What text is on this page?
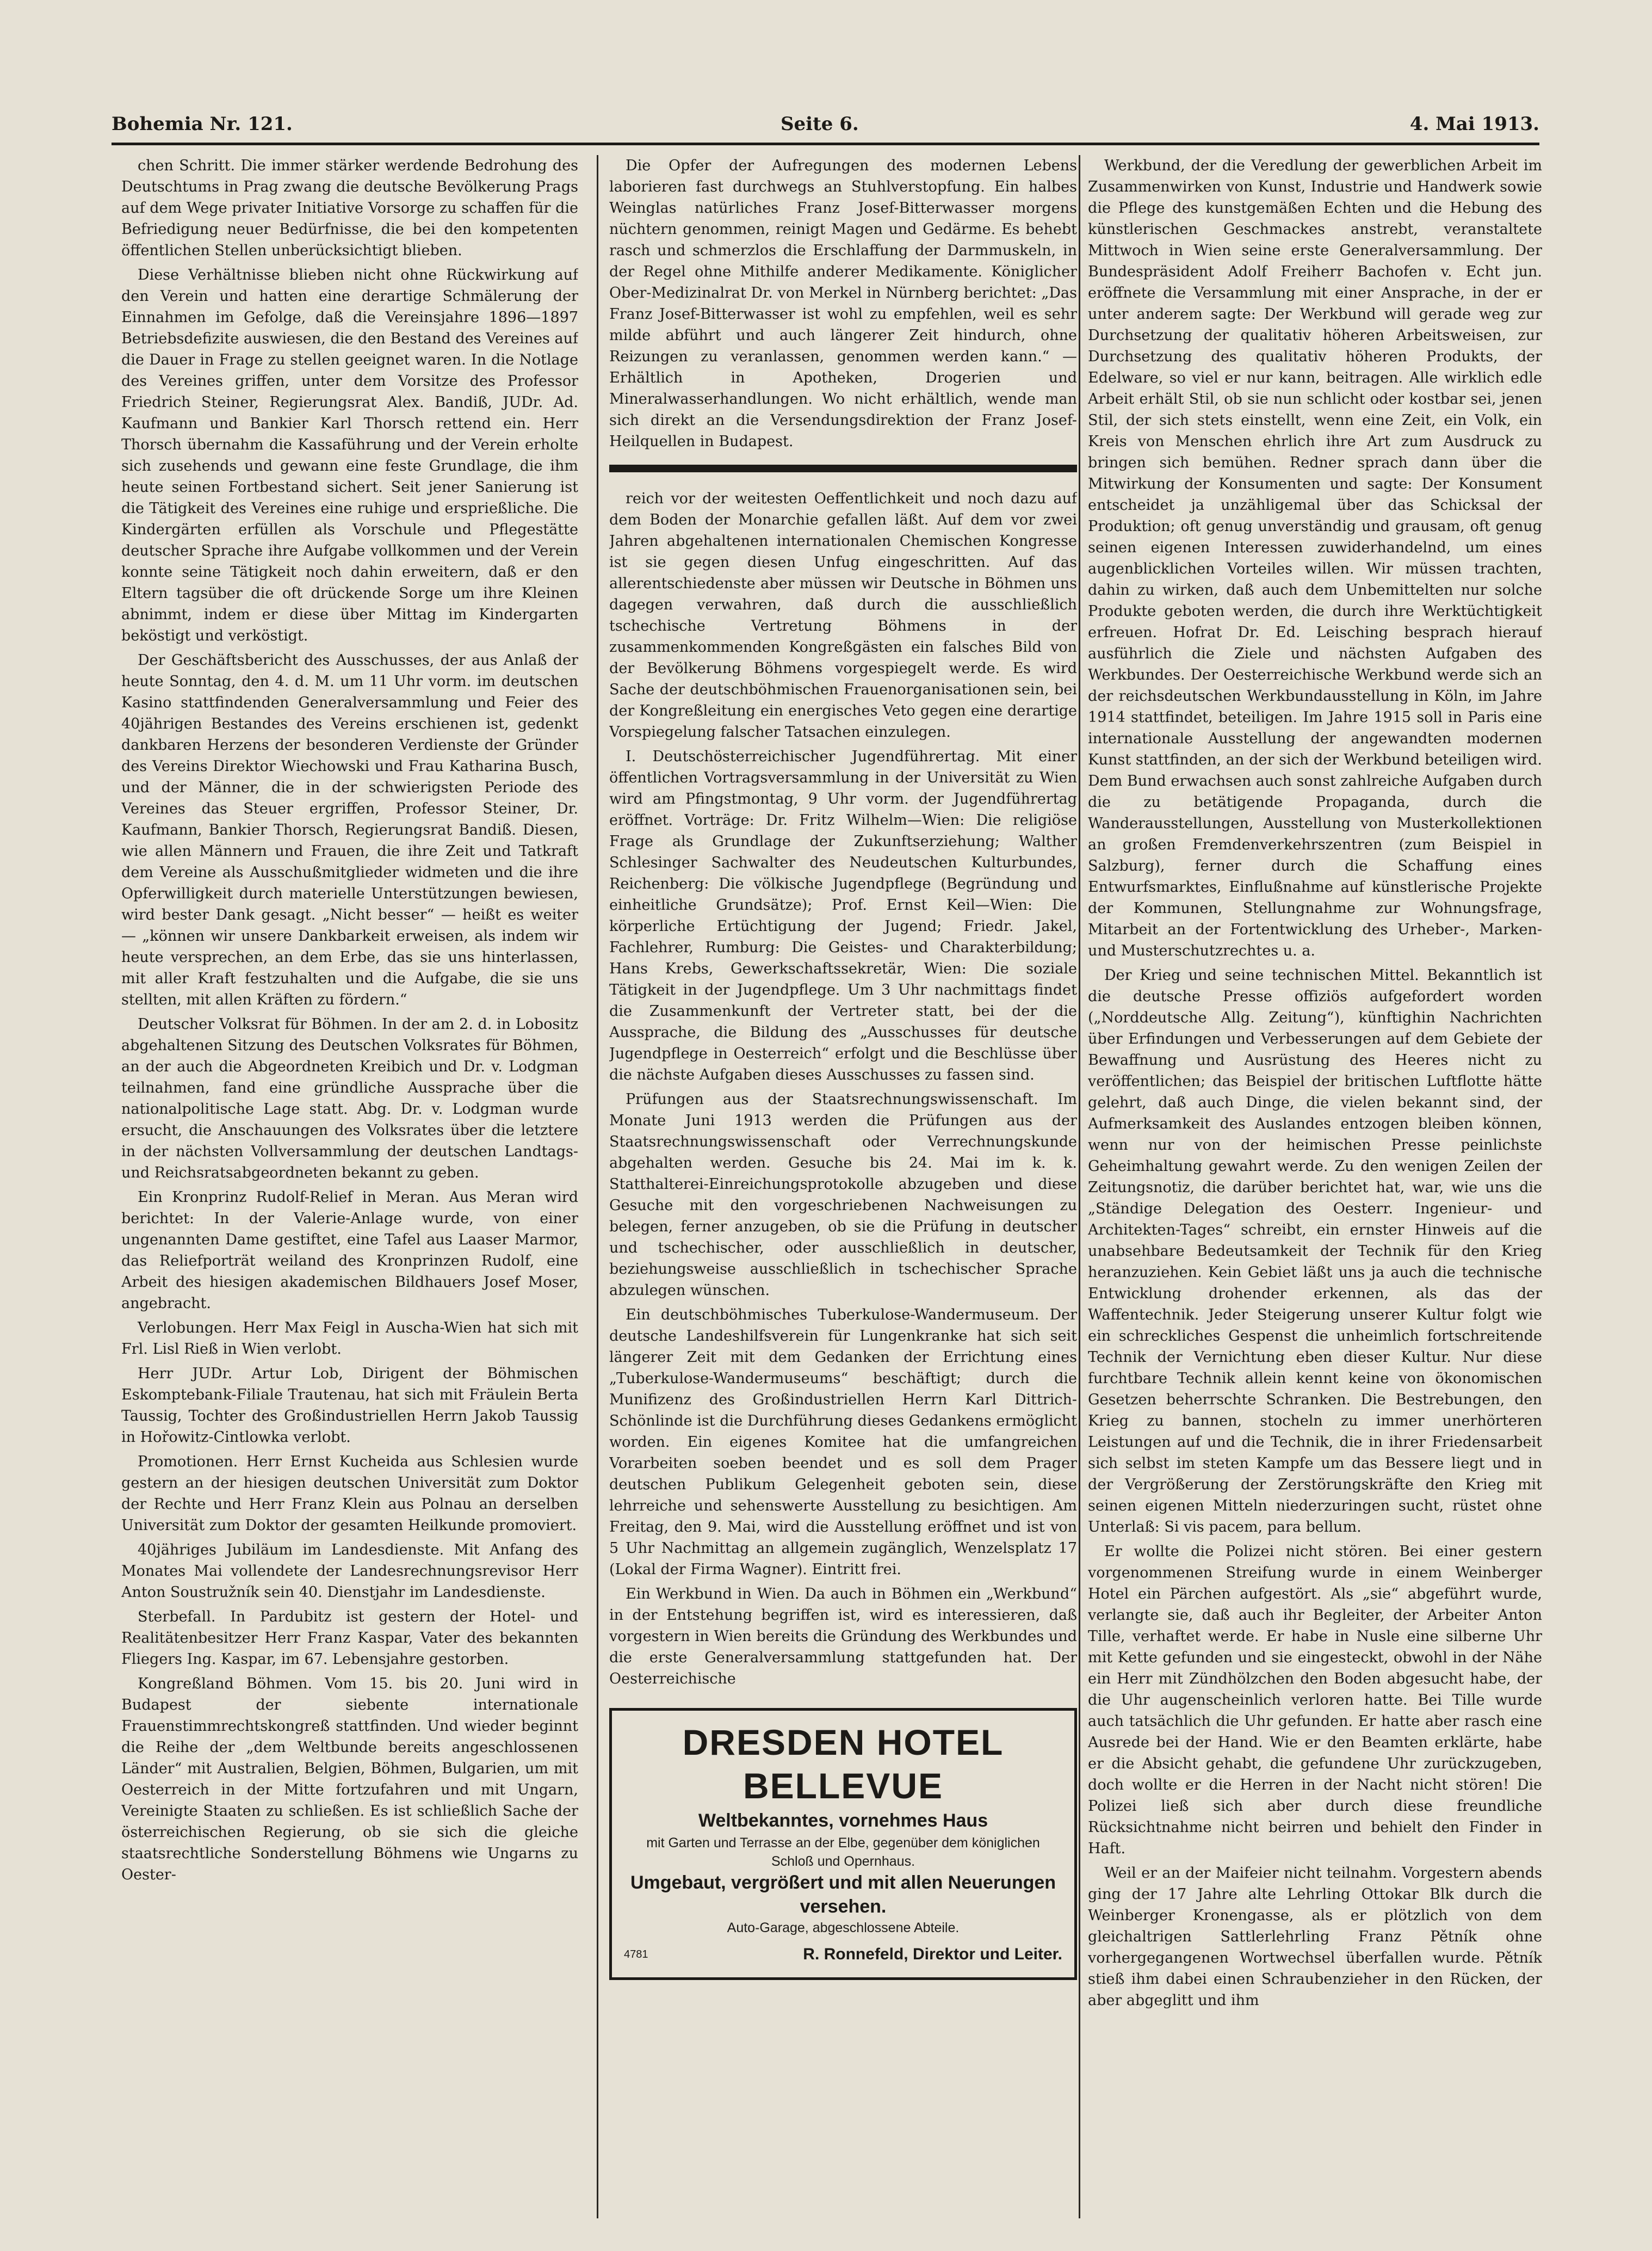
Bohemia Nr. 121.	Seite 6.	4. Mai 1913.

chen Schritt. Die immer stärker werdende Bedrohung des Deutschtums in Prag zwang die deutsche Bevölkerung Prags auf dem Wege privater Initiative Vorsorge zu schaffen für die Befriedigung neuer Bedürfnisse, die bei den kompetenten öffentlichen Stellen unberücksichtigt blieben.

Diese Verhältnisse blieben nicht ohne Rückwirkung auf den Verein und hatten eine derartige Schmälerung der Einnahmen im Gefolge, daß die Vereinsjahre 1896—1897 Betriebsdefizite auswiesen, die den Bestand des Vereines auf die Dauer in Frage zu stellen geeignet waren. In die Notlage des Vereines griffen, unter dem Vorsitze des Professor Friedrich Steiner, Regierungsrat Alex. Bandiß, JUDr. Ad. Kaufmann und Bankier Karl Thorsch rettend ein. Herr Thorsch übernahm die Kassaführung und der Verein erholte sich zusehends und gewann eine feste Grundlage, die ihm heute seinen Fortbestand sichert. Seit jener Sanierung ist die Tätigkeit des Vereines eine ruhige und ersprießliche. Die Kindergärten erfüllen als Vorschule und Pflegestätte deutscher Sprache ihre Aufgabe vollkommen und der Verein konnte seine Tätigkeit noch dahin erweitern, daß er den Eltern tagsüber die oft drückende Sorge um ihre Kleinen abnimmt, indem er diese über Mittag im Kindergarten beköstigt und verköstigt.

Der Geschäftsbericht des Ausschusses, der aus Anlaß der heute Sonntag, den 4. d. M. um 11 Uhr vorm. im deutschen Kasino stattfindenden Generalversammlung und Feier des 40jährigen Bestandes des Vereins erschienen ist, gedenkt dankbaren Herzens der besonderen Verdienste der Gründer des Vereins Direktor Wiechowski und Frau Katharina Busch, und der Männer, die in der schwierigsten Periode des Vereines das Steuer ergriffen, Professor Steiner, Dr. Kaufmann, Bankier Thorsch, Regierungsrat Bandiß. Diesen, wie allen Männern und Frauen, die ihre Zeit und Tatkraft dem Vereine als Ausschußmitglieder widmeten und die ihre Opferwilligkeit durch materielle Unterstützungen bewiesen, wird bester Dank gesagt. „Nicht besser“ — heißt es weiter — „können wir unsere Dankbarkeit erweisen, als indem wir heute versprechen, an dem Erbe, das sie uns hinterlassen, mit aller Kraft festzuhalten und die Aufgabe, die sie uns stellten, mit allen Kräften zu fördern.“

Deutscher Volksrat für Böhmen. In der am 2. d. in Lobositz abgehaltenen Sitzung des Deutschen Volksrates für Böhmen, an der auch die Abgeordneten Kreibich und Dr. v. Lodgman teilnahmen, fand eine gründliche Aussprache über die nationalpolitische Lage statt. Abg. Dr. v. Lodgman wurde ersucht, die Anschauungen des Volksrates über die letztere in der nächsten Vollversammlung der deutschen Landtags- und Reichsratsabgeordneten bekannt zu geben.

Ein Kronprinz Rudolf-Relief in Meran. Aus Meran wird berichtet: In der Valerie-Anlage wurde, von einer ungenannten Dame gestiftet, eine Tafel aus Laaser Marmor, das Reliefporträt weiland des Kronprinzen Rudolf, eine Arbeit des hiesigen akademischen Bildhauers Josef Moser, angebracht.

Verlobungen. Herr Max Feigl in Auscha-Wien hat sich mit Frl. Lisl Rieß in Wien verlobt.

Herr JUDr. Artur Lob, Dirigent der Böhmischen Eskomptebank-Filiale Trautenau, hat sich mit Fräulein Berta Taussig, Tochter des Großindustriellen Herrn Jakob Taussig in Hořowitz-Cintlowka verlobt.

Promotionen. Herr Ernst Kucheida aus Schlesien wurde gestern an der hiesigen deutschen Universität zum Doktor der Rechte und Herr Franz Klein aus Polnau an derselben Universität zum Doktor der gesamten Heilkunde promoviert.

40jähriges Jubiläum im Landesdienste. Mit Anfang des Monates Mai vollendete der Landesrechnungsrevisor Herr Anton Soustružník sein 40. Dienstjahr im Landesdienste.

Sterbefall. In Pardubitz ist gestern der Hotel- und Realitätenbesitzer Herr Franz Kaspar, Vater des bekannten Fliegers Ing. Kaspar, im 67. Lebensjahre gestorben.

Kongreßland Böhmen. Vom 15. bis 20. Juni wird in Budapest der siebente internationale Frauenstimmrechtskongreß stattfinden. Und wieder beginnt die Reihe der „dem Weltbunde bereits angeschlossenen Länder“ mit Australien, Belgien, Böhmen, Bulgarien, um mit Oesterreich in der Mitte fortzufahren und mit Ungarn, Vereinigte Staaten zu schließen. Es ist schließlich Sache der österreichischen Regierung, ob sie sich die gleiche staatsrechtliche Sonderstellung Böhmens wie Ungarns zu Oester-

Die Opfer der Aufregungen des modernen Lebens laborieren fast durchwegs an Stuhlverstopfung. Ein halbes Weinglas natürliches Franz Josef-Bitterwasser morgens nüchtern genommen, reinigt Magen und Gedärme. Es behebt rasch und schmerzlos die Erschlaffung der Darmmuskeln, in der Regel ohne Mithilfe anderer Medikamente. Königlicher Ober-Medizinalrat Dr. von Merkel in Nürnberg berichtet: „Das Franz Josef-Bitterwasser ist wohl zu empfehlen, weil es sehr milde abführt und auch längerer Zeit hindurch, ohne Reizungen zu veranlassen, genommen werden kann.“ — Erhältlich in Apotheken, Drogerien und Mineralwasserhandlungen. Wo nicht erhältlich, wende man sich direkt an die Versendungsdirektion der Franz Josef-Heilquellen in Budapest.

reich vor der weitesten Oeffentlichkeit und noch dazu auf dem Boden der Monarchie gefallen läßt. Auf dem vor zwei Jahren abgehaltenen internationalen Chemischen Kongresse ist sie gegen diesen Unfug eingeschritten. Auf das allerentschiedenste aber müssen wir Deutsche in Böhmen uns dagegen verwahren, daß durch die ausschließlich tschechische Vertretung Böhmens in der zusammenkommenden Kongreßgästen ein falsches Bild von der Bevölkerung Böhmens vorgespiegelt werde. Es wird Sache der deutschböhmischen Frauenorganisationen sein, bei der Kongreßleitung ein energisches Veto gegen eine derartige Vorspiegelung falscher Tatsachen einzulegen.

I. Deutschösterreichischer Jugendführertag. Mit einer öffentlichen Vortragsversammlung in der Universität zu Wien wird am Pfingstmontag, 9 Uhr vorm. der Jugendführertag eröffnet. Vorträge: Dr. Fritz Wilhelm—Wien: Die religiöse Frage als Grundlage der Zukunftserziehung; Walther Schlesinger Sachwalter des Neudeutschen Kulturbundes, Reichenberg: Die völkische Jugendpflege (Begründung und einheitliche Grundsätze); Prof. Ernst Keil—Wien: Die körperliche Ertüchtigung der Jugend; Friedr. Jakel, Fachlehrer, Rumburg: Die Geistes- und Charakterbildung; Hans Krebs, Gewerkschaftssekretär, Wien: Die soziale Tätigkeit in der Jugendpflege. Um 3 Uhr nachmittags findet die Zusammenkunft der Vertreter statt, bei der die Aussprache, die Bildung des „Ausschusses für deutsche Jugendpflege in Oesterreich“ erfolgt und die Beschlüsse über die nächste Aufgaben dieses Ausschusses zu fassen sind.

Prüfungen aus der Staatsrechnungswissenschaft. Im Monate Juni 1913 werden die Prüfungen aus der Staatsrechnungswissenschaft oder Verrechnungskunde abgehalten werden. Gesuche bis 24. Mai im k. k. Statthalterei-Einreichungsprotokolle abzugeben und diese Gesuche mit den vorgeschriebenen Nachweisungen zu belegen, ferner anzugeben, ob sie die Prüfung in deutscher und tschechischer, oder ausschließlich in deutscher, beziehungsweise ausschließlich in tschechischer Sprache abzulegen wünschen.

Ein deutschböhmisches Tuberkulose-Wandermuseum. Der deutsche Landeshilfsverein für Lungenkranke hat sich seit längerer Zeit mit dem Gedanken der Errichtung eines „Tuberkulose-Wandermuseums“ beschäftigt; durch die Munifizenz des Großindustriellen Herrn Karl Dittrich-Schönlinde ist die Durchführung dieses Gedankens ermöglicht worden. Ein eigenes Komitee hat die umfangreichen Vorarbeiten soeben beendet und es soll dem Prager deutschen Publikum Gelegenheit geboten sein, diese lehrreiche und sehenswerte Ausstellung zu besichtigen. Am Freitag, den 9. Mai, wird die Ausstellung eröffnet und ist von 5 Uhr Nachmittag an allgemein zugänglich, Wenzelsplatz 17 (Lokal der Firma Wagner). Eintritt frei.

Ein Werkbund in Wien. Da auch in Böhmen ein „Werkbund“ in der Entstehung begriffen ist, wird es interessieren, daß vorgestern in Wien bereits die Gründung des Werkbundes und die erste Generalversammlung stattgefunden hat. Der Oesterreichische

DRESDEN HOTEL BELLEVUE
Weltbekanntes, vornehmes Haus
mit Garten und Terrasse an der Elbe, gegenüber dem königlichen Schloß und Opernhaus.
Umgebaut, vergrößert und mit allen Neuerungen versehen.
Auto-Garage, abgeschlossene Abteile.
4781	R. Ronnefeld, Direktor und Leiter.

Werkbund, der die Veredlung der gewerblichen Arbeit im Zusammenwirken von Kunst, Industrie und Handwerk sowie die Pflege des kunstgemäßen Echten und die Hebung des künstlerischen Geschmackes anstrebt, veranstaltete Mittwoch in Wien seine erste Generalversammlung. Der Bundespräsident Adolf Freiherr Bachofen v. Echt jun. eröffnete die Versammlung mit einer Ansprache, in der er unter anderem sagte: Der Werkbund will gerade weg zur Durchsetzung der qualitativ höheren Arbeitsweisen, zur Durchsetzung des qualitativ höheren Produkts, der Edelware, so viel er nur kann, beitragen. Alle wirklich edle Arbeit erhält Stil, ob sie nun schlicht oder kostbar sei, jenen Stil, der sich stets einstellt, wenn eine Zeit, ein Volk, ein Kreis von Menschen ehrlich ihre Art zum Ausdruck zu bringen sich bemühen. Redner sprach dann über die Mitwirkung der Konsumenten und sagte: Der Konsument entscheidet ja unzähligemal über das Schicksal der Produktion; oft genug unverständig und grausam, oft genug seinen eigenen Interessen zuwiderhandelnd, um eines augenblicklichen Vorteiles willen. Wir müssen trachten, dahin zu wirken, daß auch dem Unbemittelten nur solche Produkte geboten werden, die durch ihre Werktüchtigkeit erfreuen. Hofrat Dr. Ed. Leisching besprach hierauf ausführlich die Ziele und nächsten Aufgaben des Werkbundes. Der Oesterreichische Werkbund werde sich an der reichsdeutschen Werkbundausstellung in Köln, im Jahre 1914 stattfindet, beteiligen. Im Jahre 1915 soll in Paris eine internationale Ausstellung der angewandten modernen Kunst stattfinden, an der sich der Werkbund beteiligen wird. Dem Bund erwachsen auch sonst zahlreiche Aufgaben durch die zu betätigende Propaganda, durch die Wanderausstellungen, Ausstellung von Musterkollektionen an großen Fremdenverkehrszentren (zum Beispiel in Salzburg), ferner durch die Schaffung eines Entwurfsmarktes, Einflußnahme auf künstlerische Projekte der Kommunen, Stellungnahme zur Wohnungsfrage, Mitarbeit an der Fortentwicklung des Urheber-, Marken- und Musterschutzrechtes u. a.

Der Krieg und seine technischen Mittel. Bekanntlich ist die deutsche Presse offiziös aufgefordert worden („Norddeutsche Allg. Zeitung“), künftighin Nachrichten über Erfindungen und Verbesserungen auf dem Gebiete der Bewaffnung und Ausrüstung des Heeres nicht zu veröffentlichen; das Beispiel der britischen Luftflotte hätte gelehrt, daß auch Dinge, die vielen bekannt sind, der Aufmerksamkeit des Auslandes entzogen bleiben können, wenn nur von der heimischen Presse peinlichste Geheimhaltung gewahrt werde. Zu den wenigen Zeilen der Zeitungsnotiz, die darüber berichtet hat, war, wie uns die „Ständige Delegation des Oesterr. Ingenieur- und Architekten-Tages“ schreibt, ein ernster Hinweis auf die unabsehbare Bedeutsamkeit der Technik für den Krieg heranzuziehen. Kein Gebiet läßt uns ja auch die technische Entwicklung drohender erkennen, als das der Waffentechnik. Jeder Steigerung unserer Kultur folgt wie ein schreckliches Gespenst die unheimlich fortschreitende Technik der Vernichtung eben dieser Kultur. Nur diese furchtbare Technik allein kennt keine von ökonomischen Gesetzen beherrschte Schranken. Die Bestrebungen, den Krieg zu bannen, stocheln zu immer unerhörteren Leistungen auf und die Technik, die in ihrer Friedensarbeit sich selbst im steten Kampfe um das Bessere liegt und in der Vergrößerung der Zerstörungskräfte den Krieg mit seinen eigenen Mitteln niederzuringen sucht, rüstet ohne Unterlaß: Si vis pacem, para bellum.

Er wollte die Polizei nicht stören. Bei einer gestern vorgenommenen Streifung wurde in einem Weinberger Hotel ein Pärchen aufgestört. Als „sie“ abgeführt wurde, verlangte sie, daß auch ihr Begleiter, der Arbeiter Anton Tille, verhaftet werde. Er habe in Nusle eine silberne Uhr mit Kette gefunden und sie eingesteckt, obwohl in der Nähe ein Herr mit Zündhölzchen den Boden abgesucht habe, der die Uhr augenscheinlich verloren hatte. Bei Tille wurde auch tatsächlich die Uhr gefunden. Er hatte aber rasch eine Ausrede bei der Hand. Wie er den Beamten erklärte, habe er die Absicht gehabt, die gefundene Uhr zurückzugeben, doch wollte er die Herren in der Nacht nicht stören! Die Polizei ließ sich aber durch diese freundliche Rücksichtnahme nicht beirren und behielt den Finder in Haft.

Weil er an der Maifeier nicht teilnahm. Vorgestern abends ging der 17 Jahre alte Lehrling Ottokar Blk durch die Weinberger Kronengasse, als er plötzlich von dem gleichaltrigen Sattlerlehrling Franz Pětník ohne vorhergegangenen Wortwechsel überfallen wurde. Pětník stieß ihm dabei einen Schraubenzieher in den Rücken, der aber abgeglitt und ihm
